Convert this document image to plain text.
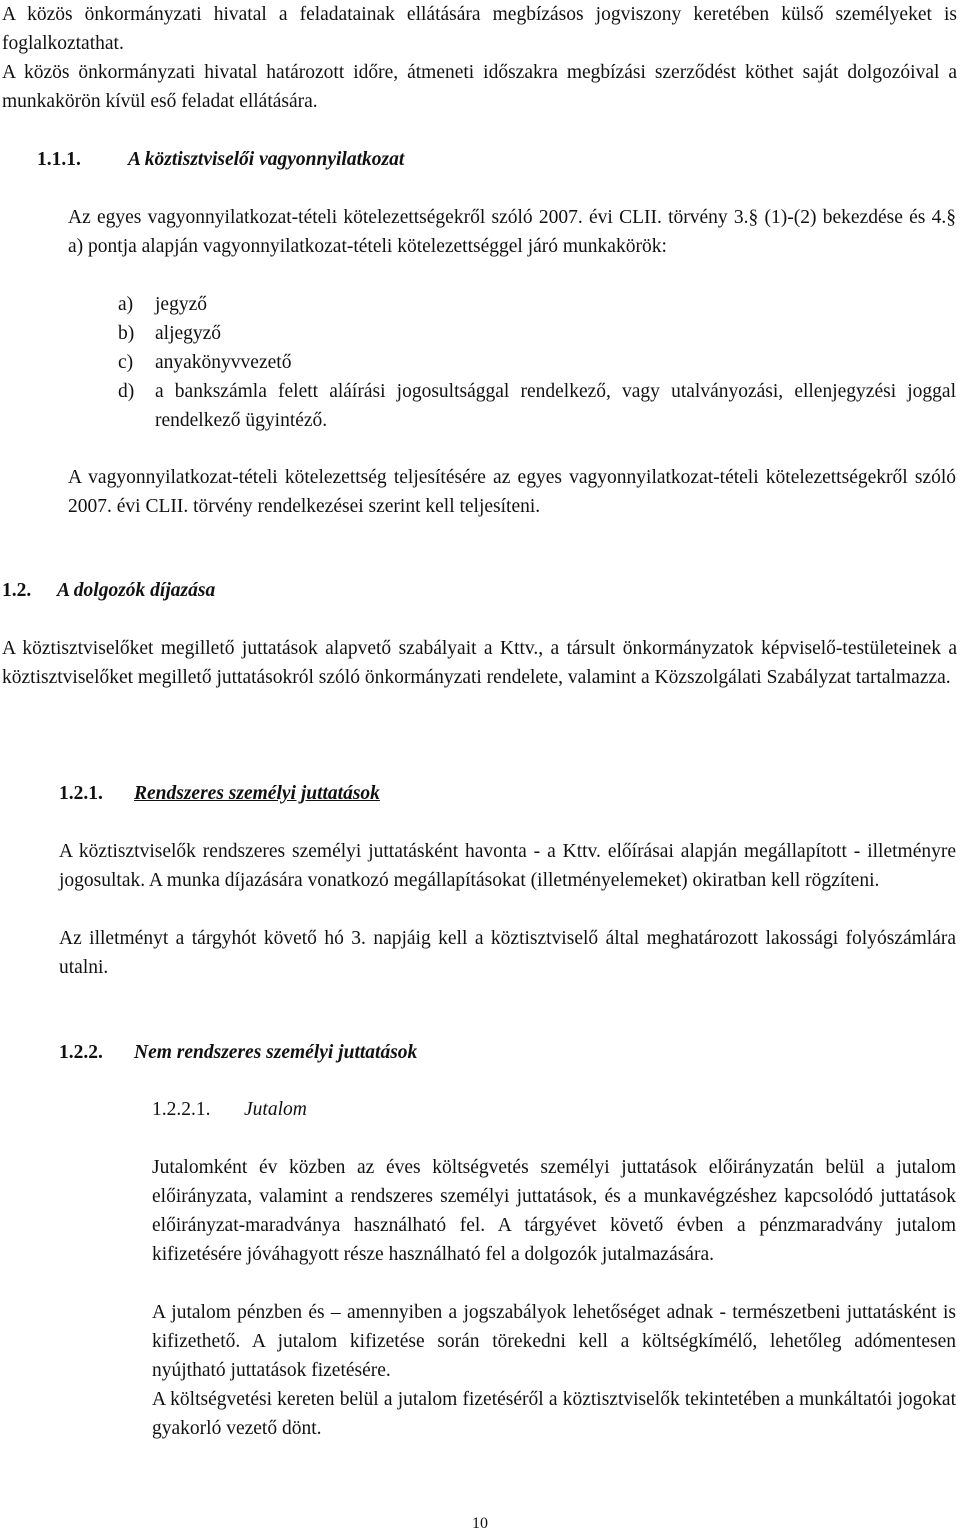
A közös önkormányzati hivatal a feladatainak ellátására megbízásos jogviszony keretében külső személyeket is foglalkoztathat.

A közös önkormányzati hivatal határozott időre, átmeneti időszakra megbízási szerződést köthet saját dolgozóival a munkakörön kívül eső feladat ellátására.

1.1.1. A köztisztviselői vagyonnyilatkozat

Az egyes vagyonnyilatkozat-tételi kötelezettségekről szóló 2007. évi CLII. törvény 3.§ (1)-(2) bekezdése és 4.§ a) pontja alapján vagyonnyilatkozat-tételi kötelezettséggel járó munkakörök:

a) jegyző
b) aljegyző
c) anyakönyvvezető
d) a bankszámla felett aláírási jogosultsággal rendelkező, vagy utalványozási, ellenjegyzési joggal rendelkező ügyintéző.

A vagyonnyilatkozat-tételi kötelezettség teljesítésére az egyes vagyonnyilatkozat-tételi kötelezettségekről szóló 2007. évi CLII. törvény rendelkezései szerint kell teljesíteni.

1.2. A dolgozók díjazása

A köztisztviselőket megillető juttatások alapvető szabályait a Kttv., a társult önkormányzatok képviselő-testületeinek a köztisztviselőket megillető juttatásokról szóló önkormányzati rendelete, valamint a Közszolgálati Szabályzat tartalmazza.

1.2.1. Rendszeres személyi juttatások

A köztisztviselők rendszeres személyi juttatásként havonta - a Kttv. előírásai alapján megállapított - illetményre jogosultak. A munka díjazására vonatkozó megállapításokat (illetményelemeket) okiratban kell rögzíteni.

Az illetményt a tárgyhót követő hó 3. napjáig kell a köztisztviselő által meghatározott lakossági folyószámlára utalni.

1.2.2. Nem rendszeres személyi juttatások
1.2.2.1. Jutalom

Jutalomként év közben az éves költségvetés személyi juttatások előirányzatán belül a jutalom előirányzata, valamint a rendszeres személyi juttatások, és a munkavégzéshez kapcsolódó juttatások előirányzat-maradványa használható fel. A tárgyévet követő évben a pénzmaradvány jutalom kifizetésére jóváhagyott része használható fel a dolgozók jutalmazására.

A jutalom pénzben és – amennyiben a jogszabályok lehetőséget adnak - természetbeni juttatásként is kifizethető. A jutalom kifizetése során törekedni kell a költségkímélő, lehetőleg adómentesen nyújtható juttatások fizetésére.

A költségvetési kereten belül a jutalom fizetéséről a köztisztviselők tekintetében a munkáltatói jogokat gyakorló vezető dönt.

10
